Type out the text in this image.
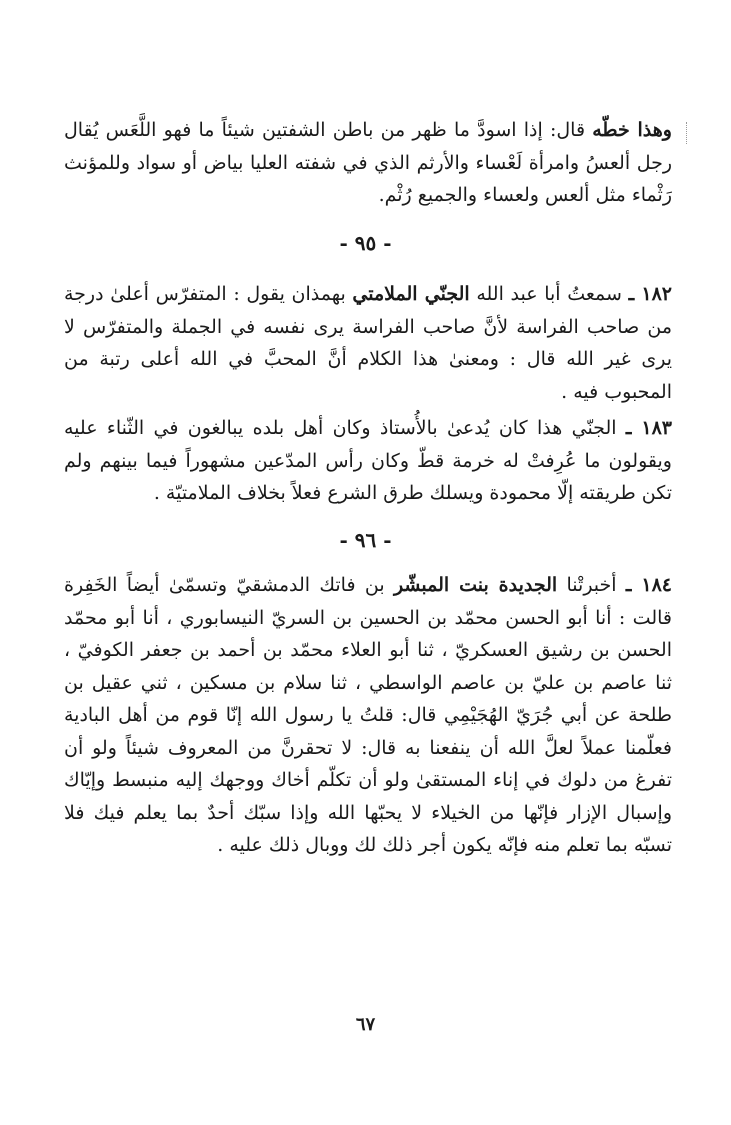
وهذا خطّه قال: إذا اسودَّ ما ظهر من باطن الشفتين شيئاً ما فهو اللَّعَس يُقال رجل ألعسُ وامرأة لَعْساء والأرثم الذي في شفته العليا بياض أو سواد وللمؤنث رَثْماء مثل ألعس ولعساء والجميع رُثْم.

- ٩٥ -

١٨٢ ـ سمعتُ أبا عبد الله الجنّي الملامتي بهمذان يقول : المتفرّس أعلىٰ درجة من صاحب الفراسة لأنَّ صاحب الفراسة يرى نفسه في الجملة والمتفرّس لا يرى غير الله قال : ومعنىٰ هذا الكلام أنَّ المحبَّ في الله أعلى رتبة من المحبوب فيه .

١٨٣ ـ الجنّي هذا كان يُدعىٰ بالأُستاذ وكان أهل بلده يبالغون في الثّناء عليه ويقولون ما عُرِفتْ له خرمة قطّ وكان رأس المدّعين مشهوراً فيما بينهم ولم تكن طريقته إلّا محمودة ويسلك طرق الشرع فعلاً بخلاف الملامتيّة .

- ٩٦ -

١٨٤ ـ أخبرتْنا الجديدة بنت المبشّر بن فاتك الدمشقيّ وتسمّىٰ أيضاً الخَفِرة قالت : أنا أبو الحسن محمّد بن الحسين بن السريّ النيسابوري ، أنا أبو محمّد الحسن بن رشيق العسكريّ ، ثنا أبو العلاء محمّد بن أحمد بن جعفر الكوفيّ ، ثنا عاصم بن عليّ بن عاصم الواسطي ، ثنا سلام بن مسكين ، ثني عقيل بن طلحة عن أبي جُرَيّ الهُجَيْمِي قال: قلتُ يا رسول الله إنّا قوم من أهل البادية فعلّمنا عملاً لعلَّ الله أن ينفعنا به قال: لا تحقرنَّ من المعروف شيئاً ولو أن تفرغ من دلوك في إناء المستقىٰ ولو أن تكلّم أخاك ووجهك إليه منبسط وإيّاك وإسبال الإزار فإنّها من الخيلاء لا يحبّها الله وإذا سبّك أحدٌ بما يعلم فيك فلا تسبّه بما تعلم منه فإنّه يكون أجر ذلك لك ووبال ذلك عليه .

٦٧
